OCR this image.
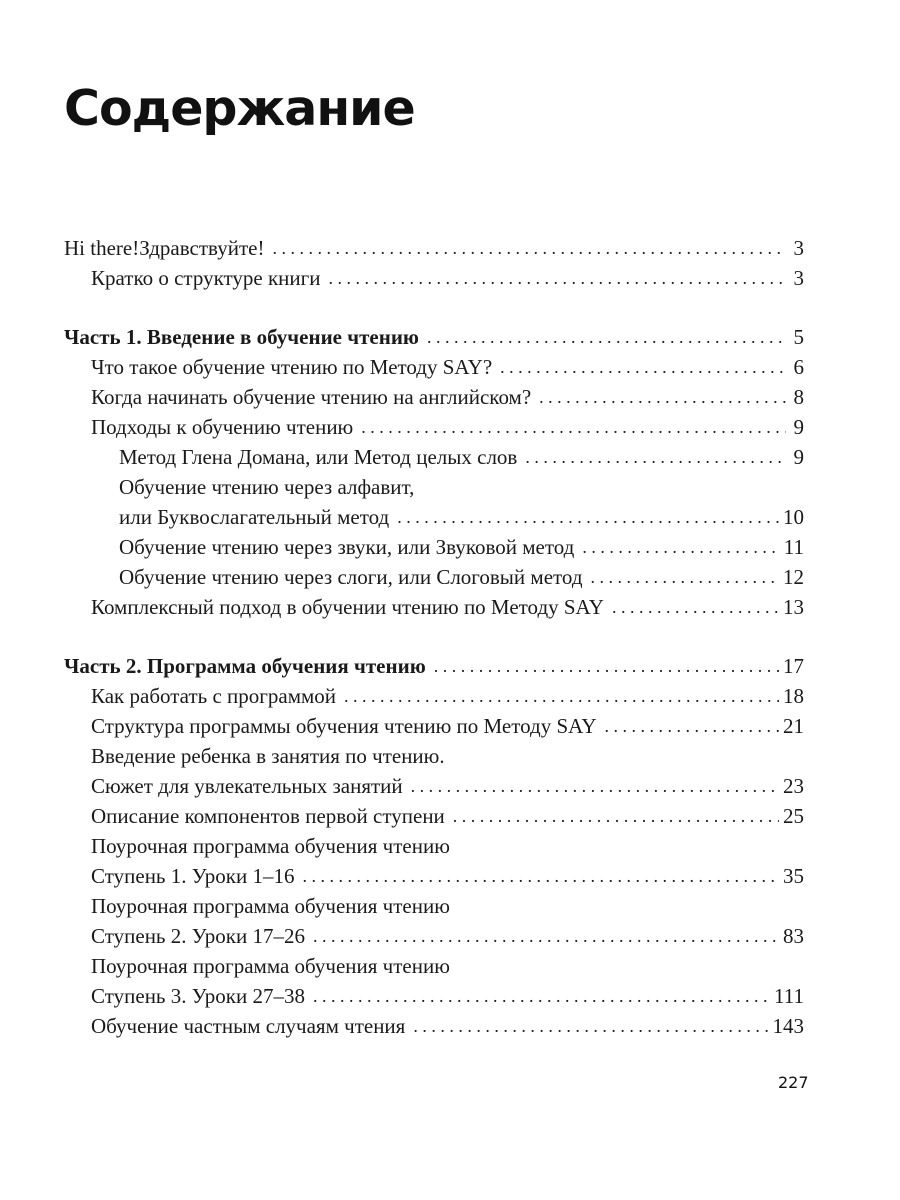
Содержание
Hi there!Здравствуйте! . . .	3
Кратко о структуре книги . . .	3
Часть 1. Введение в обучение чтению . . .	5
Что такое обучение чтению по Методу SAY? . . .	6
Когда начинать обучение чтению на английском? . . .	8
Подходы к обучению чтению . . .	9
Метод Глена Домана, или Метод целых слов . . .	9
Обучение чтению через алфавит,
или Буквослагательный метод . . .	10
Обучение чтению через звуки, или Звуковой метод . . .	11
Обучение чтению через слоги, или Слоговый метод . . .	12
Комплексный подход в обучении чтению по Методу SAY . . .	13
Часть 2. Программа обучения чтению . . .	17
Как работать с программой . . .	18
Структура программы обучения чтению по Методу SAY . . .	21
Введение ребенка в занятия по чтению.
Сюжет для увлекательных занятий . . .	23
Описание компонентов первой ступени . . .	25
Поурочная программа обучения чтению
Ступень 1. Уроки 1–16 . . .	35
Поурочная программа обучения чтению
Ступень 2. Уроки 17–26 . . .	83
Поурочная программа обучения чтению
Ступень 3. Уроки 27–38 . . .	111
Обучение частным случаям чтения . . .	143
227
